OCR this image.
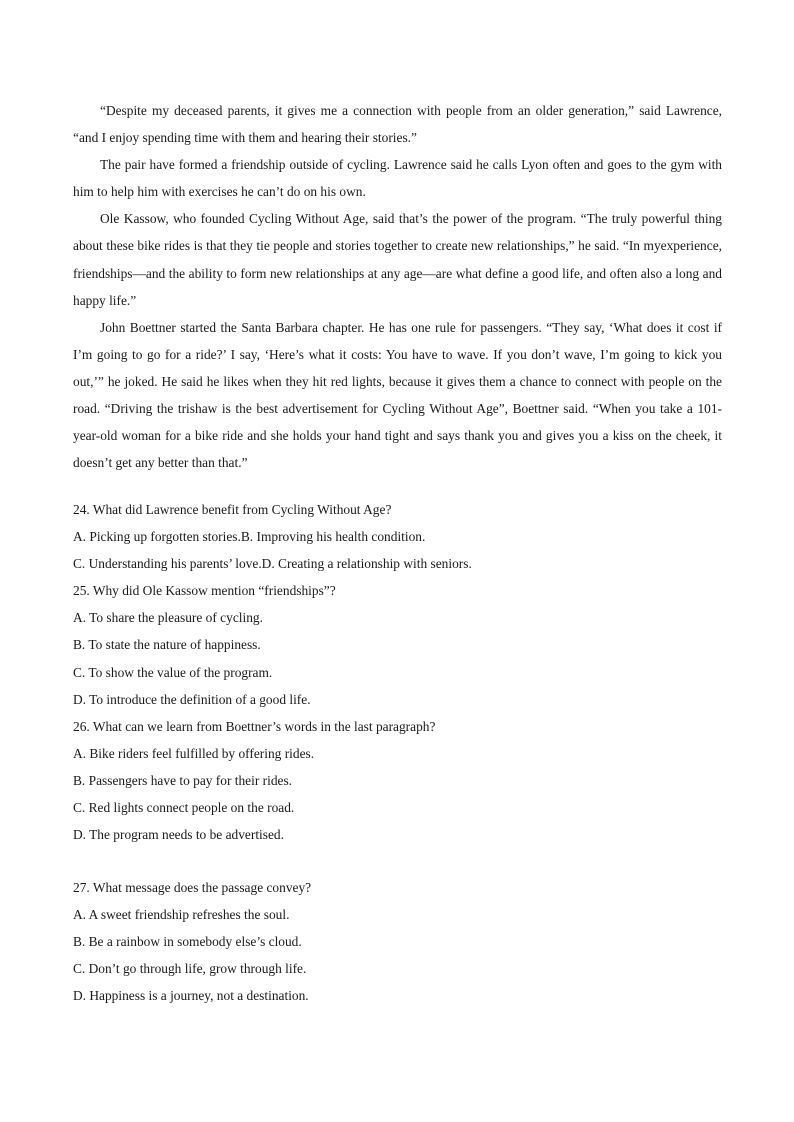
“Despite my deceased parents, it gives me a connection with people from an older generation,” said Lawrence, “and I enjoy spending time with them and hearing their stories.”

The pair have formed a friendship outside of cycling. Lawrence said he calls Lyon often and goes to the gym with him to help him with exercises he can’t do on his own.

Ole Kassow, who founded Cycling Without Age, said that’s the power of the program. “The truly powerful thing about these bike rides is that they tie people and stories together to create new relationships,” he said. “In myexperience, friendships—and the ability to form new relationships at any age—are what define a good life, and often also a long and happy life.”

John Boettner started the Santa Barbara chapter. He has one rule for passengers. “They say, ‘What does it cost if I’m going to go for a ride?’ I say, ‘Here’s what it costs: You have to wave. If you don’t wave, I’m going to kick you out,’” he joked. He said he likes when they hit red lights, because it gives them a chance to connect with people on the road. “Driving the trishaw is the best advertisement for Cycling Without Age”, Boettner said. “When you take a 101-year-old woman for a bike ride and she holds your hand tight and says thank you and gives you a kiss on the cheek, it doesn’t get any better than that.”

24. What did Lawrence benefit from Cycling Without Age?

A. Picking up forgotten stories.B. Improving his health condition.

C. Understanding his parents’ love.D. Creating a relationship with seniors.

25. Why did Ole Kassow mention “friendships”?

A. To share the pleasure of cycling.

B. To state the nature of happiness.

C. To show the value of the program.

D. To introduce the definition of a good life.

26. What can we learn from Boettner’s words in the last paragraph?

A. Bike riders feel fulfilled by offering rides.

B. Passengers have to pay for their rides.

C. Red lights connect people on the road.

D. The program needs to be advertised.

27. What message does the passage convey?

A. A sweet friendship refreshes the soul.

B. Be a rainbow in somebody else’s cloud.

C. Don’t go through life, grow through life.

D. Happiness is a journey, not a destination.
